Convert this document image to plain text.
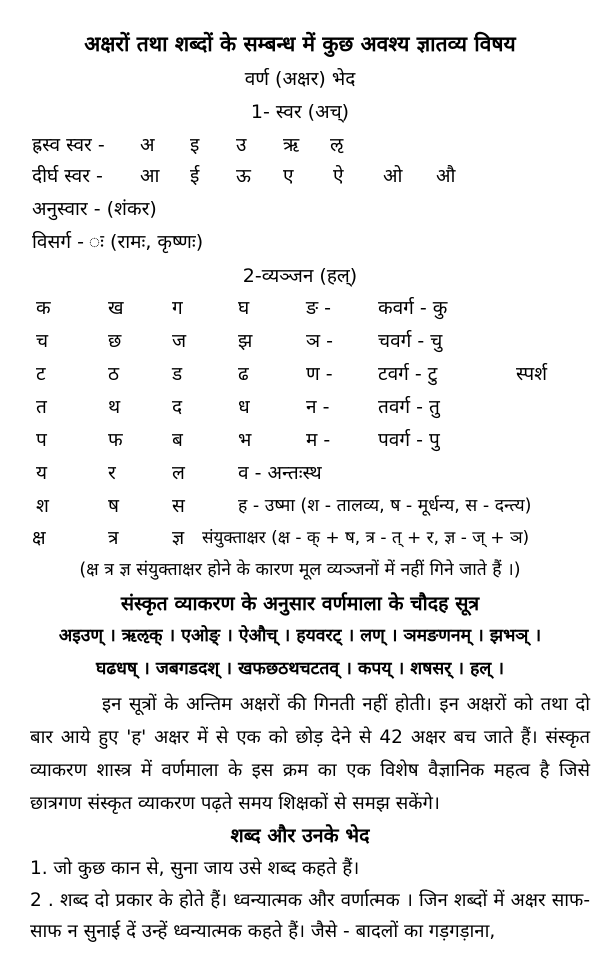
अक्षरों तथा शब्दों के सम्बन्ध में कुछ अवश्य ज्ञातव्य विषय
वर्ण (अक्षर) भेद
1- स्वर (अच्)
ह्रस्व स्वर - अ इ उ ऋ ऌ
दीर्घ स्वर - आ ई ऊ ए ऐ ओ औ
अनुस्वार - (शंकर)
विसर्ग - ः (रामः, कृष्णः)
2-व्यञ्जन (हल्)
क	ख	ग	घ	ङ - कवर्ग - कु
च	छ	ज	झ	ञ - चवर्ग - चु
ट	ठ	ड	ढ	ण - टवर्ग - टु	स्पर्श
त	थ	द	ध	न -	तवर्ग - तु
प	फ	ब	भ	म -	पवर्ग - पु
य	र	ल	व - अन्तःस्थ
श	ष	स	ह - उष्मा (श - तालव्य, ष - मूर्धन्य, स - दन्त्य)
क्ष	त्र	ज्ञ संयुक्ताक्षर (क्ष - क् + ष, त्र - त् + र, ज्ञ - ज् + ञ)
(क्ष त्र ज्ञ संयुक्ताक्षर होने के कारण मूल व्यञ्जनों में नहीं गिने जाते हैं ।)
संस्कृत व्याकरण के अनुसार वर्णमाला के चौदह सूत्र
अइउण् । ऋऌक् । एओङ् । ऐऔच् । हयवरट् । लण् । ञमङणनम् । झभञ् ।
घढधष् । जबगडदश् । खफछठथचटतव् । कपय् । शषसर् । हल् ।
इन सूत्रों के अन्तिम अक्षरों की गिनती नहीं होती। इन अक्षरों को तथा दो बार आये हुए 'ह' अक्षर में से एक को छोड़ देने से 42 अक्षर बच जाते हैं। संस्कृत व्याकरण शास्त्र में वर्णमाला के इस क्रम का एक विशेष वैज्ञानिक महत्व है जिसे छात्रगण संस्कृत व्याकरण पढ़ते समय शिक्षकों से समझ सकेंगे।
शब्द और उनके भेद
1. जो कुछ कान से, सुना जाय उसे शब्द कहते हैं।
2 . शब्द दो प्रकार के होते हैं। ध्वन्यात्मक और वर्णात्मक । जिन शब्दों में अक्षर साफ-साफ न सुनाई दें उन्हें ध्वन्यात्मक कहते हैं। जैसे - बादलों का गड़गड़ाना,
